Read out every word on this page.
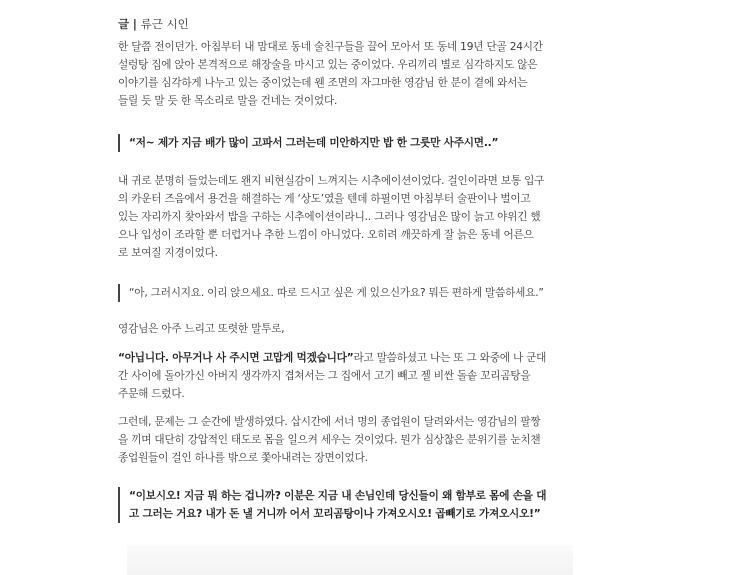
글 | 류근 시인
한 달쯤 전이던가. 아침부터 내 맘대로 동네 술친구들을 끌어 모아서 또 동네 19년 단골 24시간
설렁탕 집에 앉아 본격적으로 해장술을 마시고 있는 중이었다. 우리끼리 별로 심각하지도 않은
이야기를 심각하게 나누고 있는 중이었는데 웬 조면의 자그마한 영감님 한 분이 곁에 와서는
들릴 듯 말 듯 한 목소리로 말을 건네는 것이었다.
“저~ 제가 지금 배가 많이 고파서 그러는데 미안하지만 밥 한 그릇만 사주시면..”
내 귀로 분명히 들었는데도 왠지 비현실감이 느껴지는 시추에이션이었다. 걸인이라면 보통 입구
의 카운터 즈음에서 용건을 해결하는 게 ‘상도’였을 텐데 하필이면 아침부터 술판이나 벌이고
있는 자리까지 찾아와서 밥을 구하는 시추에이션이라니.. 그러나 영감님은 많이 늙고 야위긴 했
으나 입성이 조라할 뿐 더럽거나 추한 느낌이 아니었다. 오히려 깨끗하게 잘 늙은 동네 어른으
로 보여질 지경이었다.
“아, 그러시지요. 이리 앉으세요. 따로 드시고 싶은 게 있으신가요? 뭐든 편하게 말씀하세요.”
영감님은 아주 느리고 또렷한 말투로,
“아닙니다. 아무거나 사 주시면 고맙게 먹겠습니다”라고 말씀하셨고 나는 또 그 와중에 나 군대
간 사이에 돌아가신 아버지 생각까지 겹쳐서는 그 집에서 고기 빼고 젤 비싼 돌솥 꼬리곰탕을
주문해 드렸다.
그런데, 문제는 그 순간에 발생하였다. 삽시간에 서너 명의 종업원이 달려와서는 영감님의 팔짱
을 끼며 대단히 강압적인 태도로 몸을 일으켜 세우는 것이었다. 뭔가 심상찮은 분위기를 눈치챈
종업원들이 걸인 하나를 밖으로 쫓아내려는 장면이었다.
“이보시오! 지금 뭐 하는 겁니까? 이분은 지금 내 손님인데 당신들이 왜 함부로 몸에 손을 대
고 그러는 거요? 내가 돈 낼 거니까 어서 꼬리곰탕이나 가져오시오! 곱빼기로 가져오시오!”
